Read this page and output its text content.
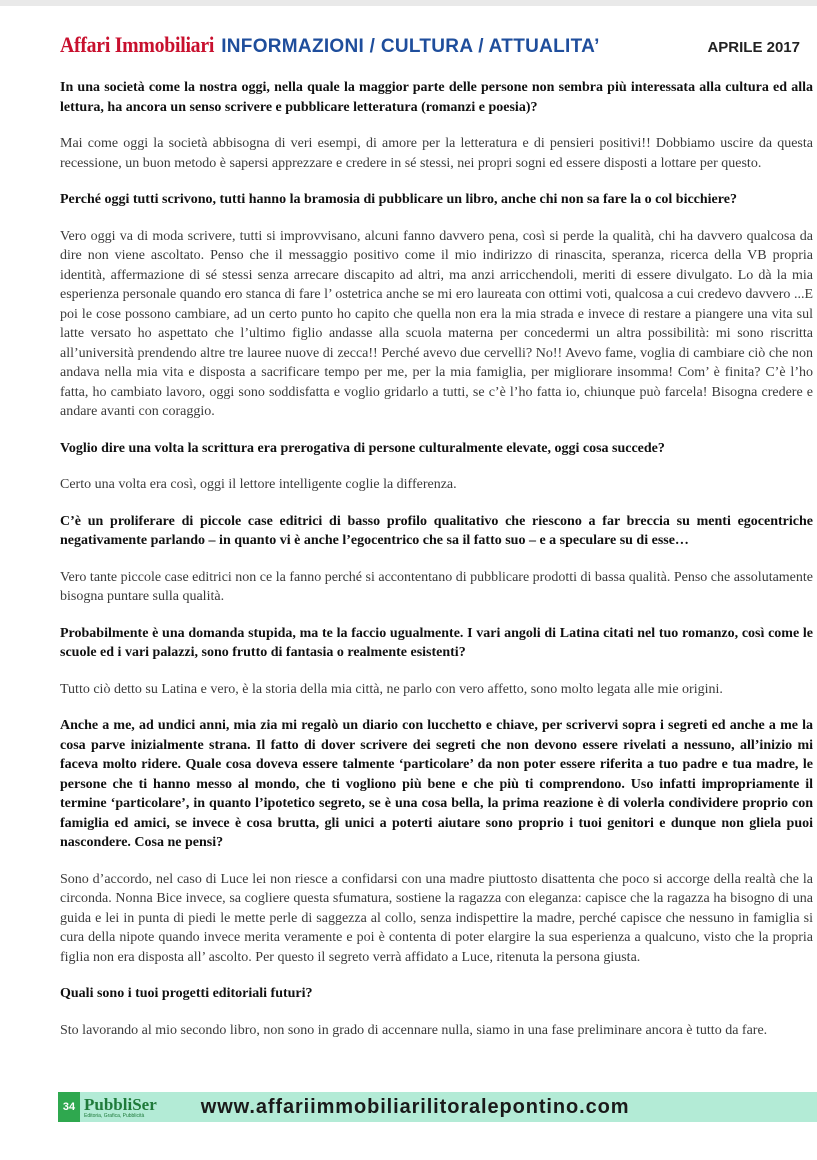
Affari Immobiliari INFORMAZIONI / CULTURA / ATTUALITA’	APRILE 2017

In una società come la nostra oggi, nella quale la maggior parte delle persone non sembra più interessata alla cultura ed alla lettura, ha ancora un senso scrivere e pubblicare letteratura (romanzi e poesia)?

Mai come oggi la società abbisogna di veri esempi, di amore per la letteratura e di pensieri positivi!! Dobbiamo uscire da questa recessione, un buon metodo è sapersi apprezzare e credere in sé stessi, nei propri sogni ed essere disposti a lottare per questo.

Perché oggi tutti scrivono, tutti hanno la bramosia di pubblicare un libro, anche chi non sa fare la o col bicchiere?

Vero oggi va di moda scrivere, tutti si improvvisano, alcuni fanno davvero pena, così si perde la qualità, chi ha davvero qualcosa da dire non viene ascoltato. Penso che il messaggio positivo come il mio indirizzo di rinascita, speranza, ricerca della VB propria identità, affermazione di sé stessi senza arrecare discapito ad altri, ma anzi arricchendoli, meriti di essere divulgato. Lo dà la mia esperienza personale quando ero stanca di fare l’ ostetrica anche se mi ero laureata con ottimi voti, qualcosa a cui credevo davvero ...E poi le cose possono cambiare, ad un certo punto ho capito che quella non era la mia strada e invece di restare a piangere una vita sul latte versato ho aspettato che l’ultimo figlio andasse alla scuola materna per concedermi un altra possibilità: mi sono riscritta all’università prendendo altre tre lauree nuove di zecca!! Perché avevo due cervelli? No!! Avevo fame, voglia di cambiare ciò che non andava nella mia vita e disposta a sacrificare tempo per me, per la mia famiglia, per migliorare insomma! Com’ è finita? C’è l’ho fatta, ho cambiato lavoro, oggi sono soddisfatta e voglio gridarlo a tutti, se c’è l’ho fatta io, chiunque può farcela! Bisogna credere e andare avanti con coraggio.

Voglio dire una volta la scrittura era prerogativa di persone culturalmente elevate, oggi cosa succede?

Certo una volta era così, oggi il lettore intelligente coglie la differenza.

C’è un proliferare di piccole case editrici di basso profilo qualitativo che riescono a far breccia su menti egocentriche negativamente parlando – in quanto vi è anche l’egocentrico che sa il fatto suo – e a speculare su di esse…

Vero tante piccole case editrici non ce la fanno perché si accontentano di pubblicare prodotti di bassa qualità. Penso che assolutamente bisogna puntare sulla qualità.

Probabilmente è una domanda stupida, ma te la faccio ugualmente. I vari angoli di Latina citati nel tuo romanzo, così come le scuole ed i vari palazzi, sono frutto di fantasia o realmente esistenti?

Tutto ciò detto su Latina e vero, è la storia della mia città, ne parlo con vero affetto, sono molto legata alle mie origini.

Anche a me, ad undici anni, mia zia mi regalò un diario con lucchetto e chiave, per scrivervi sopra i segreti ed anche a me la cosa parve inizialmente strana. Il fatto di dover scrivere dei segreti che non devono essere rivelati a nessuno, all’inizio mi faceva molto ridere. Quale cosa doveva essere talmente ‘particolare’ da non poter essere riferita a tuo padre e tua madre, le persone che ti hanno messo al mondo, che ti vogliono più bene e che più ti comprendono. Uso infatti impropriamente il termine ‘particolare’, in quanto l’ipotetico segreto, se è una cosa bella, la prima reazione è di volerla condividere proprio con famiglia ed amici, se invece è cosa brutta, gli unici a poterti aiutare sono proprio i tuoi genitori e dunque non gliela puoi nascondere. Cosa ne pensi?

Sono d’accordo, nel caso di Luce lei non riesce a confidarsi con una madre piuttosto disattenta che poco si accorge della realtà che la circonda. Nonna Bice invece, sa cogliere questa sfumatura, sostiene la ragazza con eleganza: capisce che la ragazza ha bisogno di una guida e lei in punta di piedi le mette perle di saggezza al collo, senza indispettire la madre, perché capisce che nessuno in famiglia si cura della nipote quando invece merita veramente e poi è contenta di poter elargire la sua esperienza a qualcuno, visto che la propria figlia non era disposta all’ ascolto. Per questo il segreto verrà affidato a Luce, ritenuta la persona giusta.

Quali sono i tuoi progetti editoriali futuri?

Sto lavorando al mio secondo libro, non sono in grado di accennare nulla, siamo in una fase preliminare ancora è tutto da fare.

34 PubbliSer
Editoria, Grafica, Pubblicità	www.affariimmobiliarilitoralepontino.com
